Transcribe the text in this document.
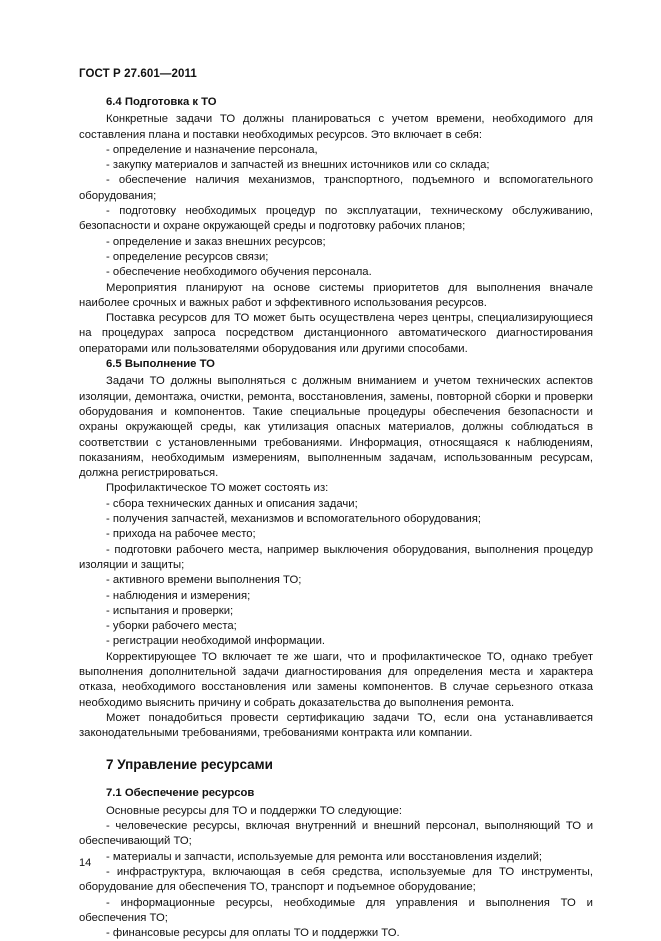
ГОСТ Р 27.601—2011

6.4 Подготовка к ТО

Конкретные задачи ТО должны планироваться с учетом времени, необходимого для составления плана и поставки необходимых ресурсов. Это включает в себя:

- определение и назначение персонала,

- закупку материалов и запчастей из внешних источников или со склада;

- обеспечение наличия механизмов, транспортного, подъемного и вспомогательного оборудования;

- подготовку необходимых процедур по эксплуатации, техническому обслуживанию, безопасности и охране окружающей среды и подготовку рабочих планов;

- определение и заказ внешних ресурсов;

- определение ресурсов связи;

- обеспечение необходимого обучения персонала.

Мероприятия планируют на основе системы приоритетов для выполнения вначале наиболее срочных и важных работ и эффективного использования ресурсов.

Поставка ресурсов для ТО может быть осуществлена через центры, специализирующиеся на процедурах запроса посредством дистанционного автоматического диагностирования операторами или пользователями оборудования или другими способами.

6.5 Выполнение ТО

Задачи ТО должны выполняться с должным вниманием и учетом технических аспектов изоляции, демонтажа, очистки, ремонта, восстановления, замены, повторной сборки и проверки оборудования и компонентов. Такие специальные процедуры обеспечения безопасности и охраны окружающей среды, как утилизация опасных материалов, должны соблюдаться в соответствии с установленными требованиями. Информация, относящаяся к наблюдениям, показаниям, необходимым измерениям, выполненным задачам, использованным ресурсам, должна регистрироваться.

Профилактическое ТО может состоять из:

- сбора технических данных и описания задачи;

- получения запчастей, механизмов и вспомогательного оборудования;

- прихода на рабочее место;

- подготовки рабочего места, например выключения оборудования, выполнения процедур изоляции и защиты;

- активного времени выполнения ТО;

- наблюдения и измерения;

- испытания и проверки;

- уборки рабочего места;

- регистрации необходимой информации.

Корректирующее ТО включает те же шаги, что и профилактическое ТО, однако требует выполнения дополнительной задачи диагностирования для определения места и характера отказа, необходимого восстановления или замены компонентов. В случае серьезного отказа необходимо выяснить причину и собрать доказательства до выполнения ремонта.

Может понадобиться провести сертификацию задачи ТО, если она устанавливается законодательными требованиями, требованиями контракта или компании.

7 Управление ресурсами

7.1 Обеспечение ресурсов

Основные ресурсы для ТО и поддержки ТО следующие:

- человеческие ресурсы, включая внутренний и внешний персонал, выполняющий ТО и обеспечивающий ТО;

- материалы и запчасти, используемые для ремонта или восстановления изделий;

- инфраструктура, включающая в себя средства, используемые для ТО инструменты, оборудование для обеспечения ТО, транспорт и подъемное оборудование;

- информационные ресурсы, необходимые для управления и выполнения ТО и обеспечения ТО;

- финансовые ресурсы для оплаты ТО и поддержки ТО.

14
